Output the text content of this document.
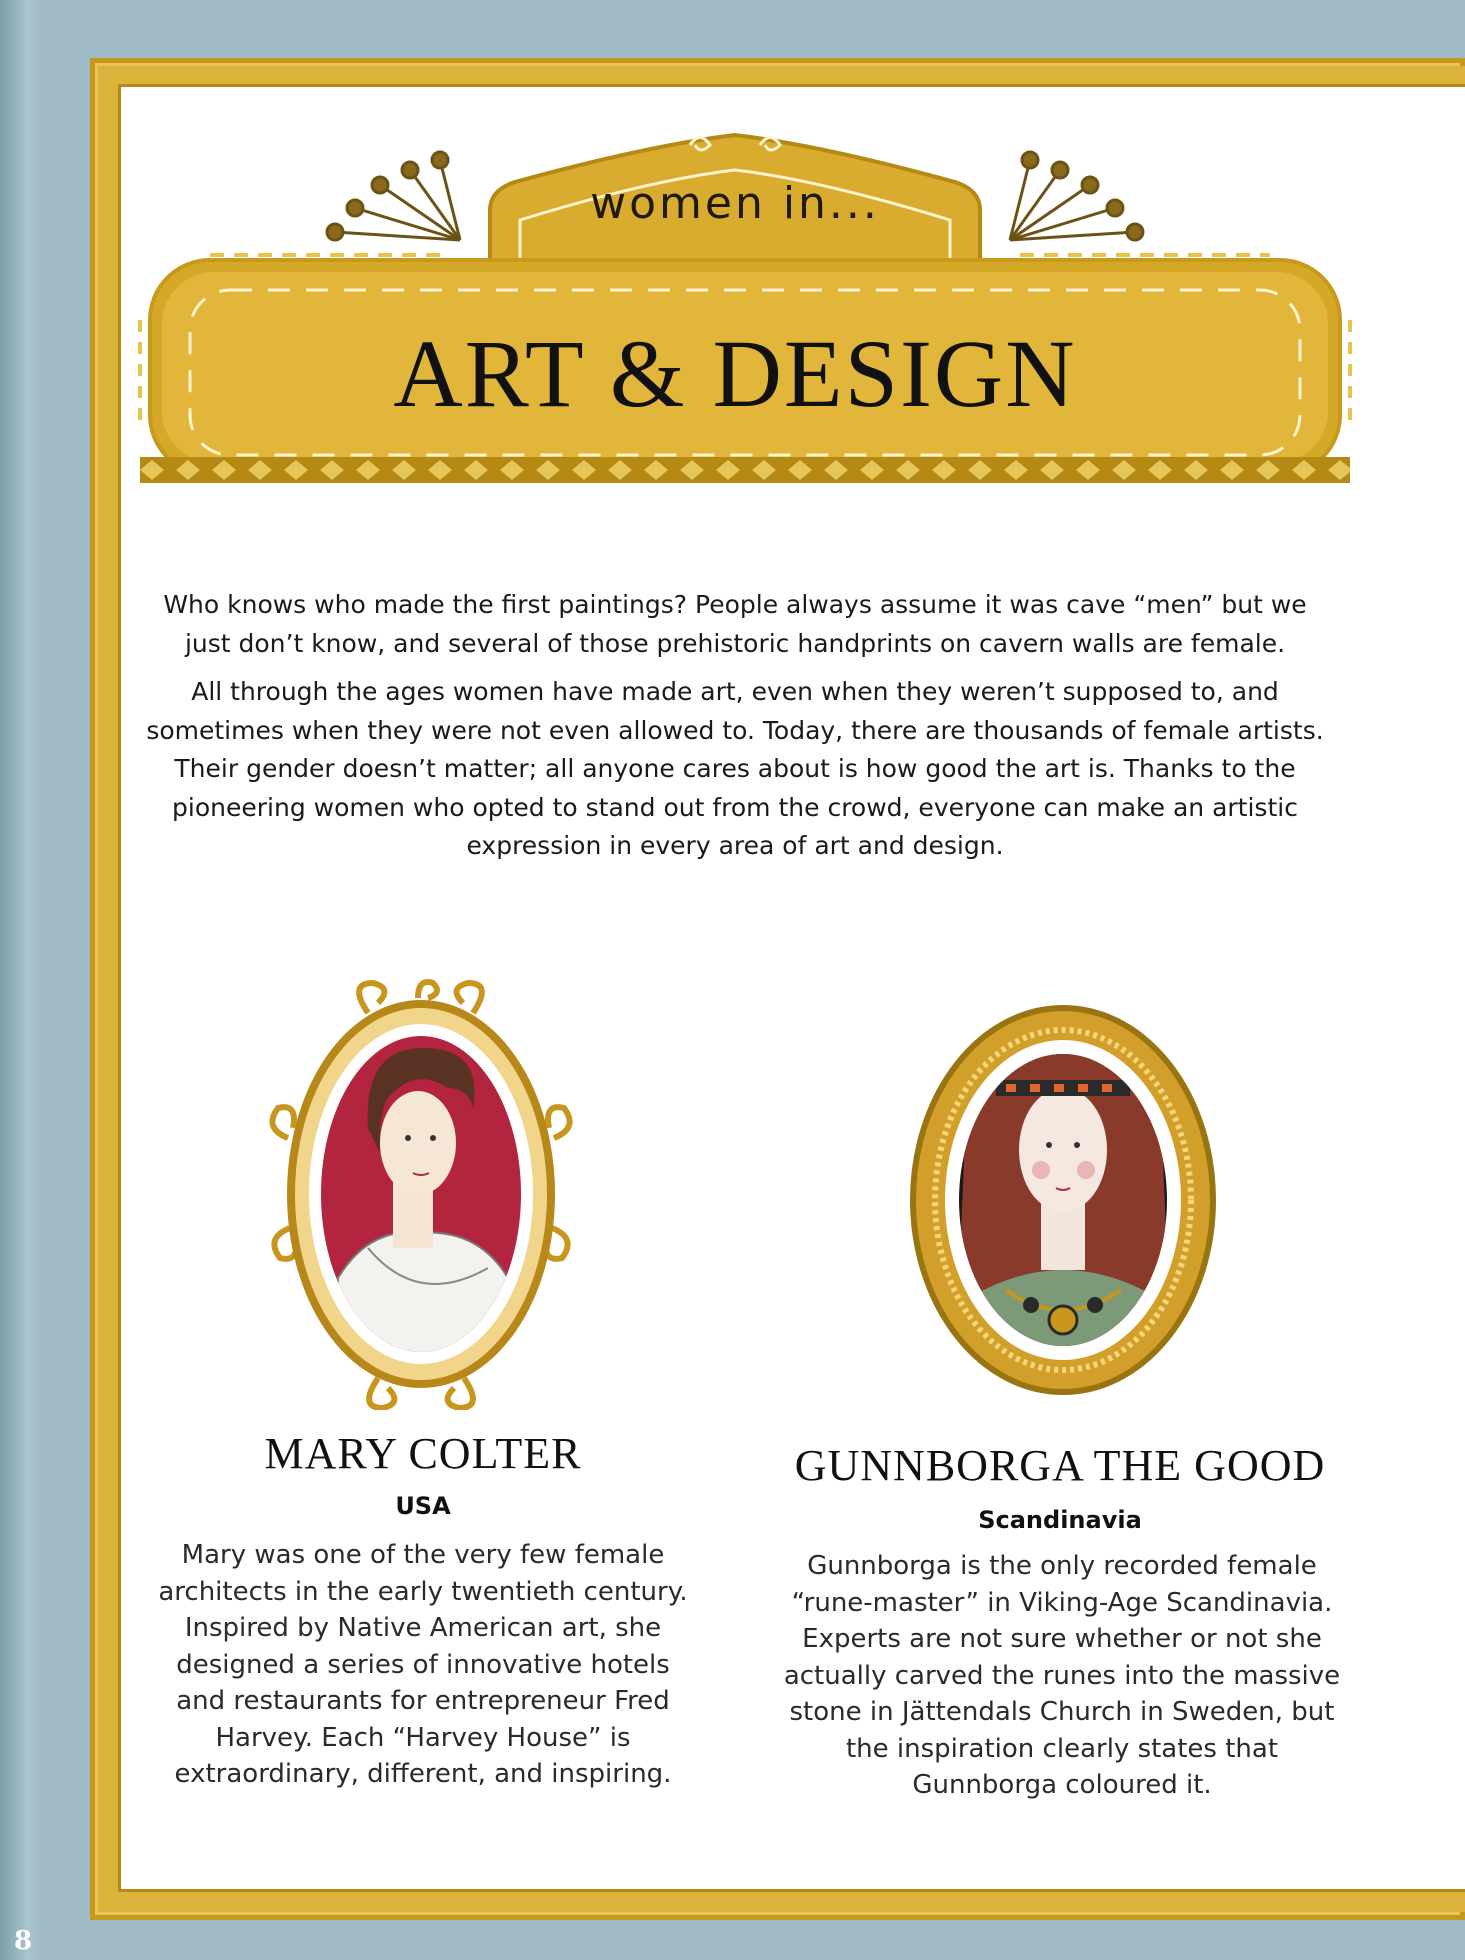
women in...
ART & DESIGN

Who knows who made the first paintings? People always assume it was cave “men” but we just don’t know, and several of those prehistoric handprints on cavern walls are female.

All through the ages women have made art, even when they weren’t supposed to, and sometimes when they were not even allowed to. Today, there are thousands of female artists. Their gender doesn’t matter; all anyone cares about is how good the art is. Thanks to the pioneering women who opted to stand out from the crowd, everyone can make an artistic expression in every area of art and design.

MARY COLTER
USA
Mary was one of the very few female architects in the early twentieth century. Inspired by Native American art, she designed a series of innovative hotels and restaurants for entrepreneur Fred Harvey. Each “Harvey House” is extraordinary, different, and inspiring.
GUNNBORGA THE GOOD
Scandinavia
Gunnborga is the only recorded female “rune-master” in Viking-Age Scandinavia. Experts are not sure whether or not she actually carved the runes into the massive stone in Jättendals Church in Sweden, but the inspiration clearly states that Gunnborga coloured it.
8
